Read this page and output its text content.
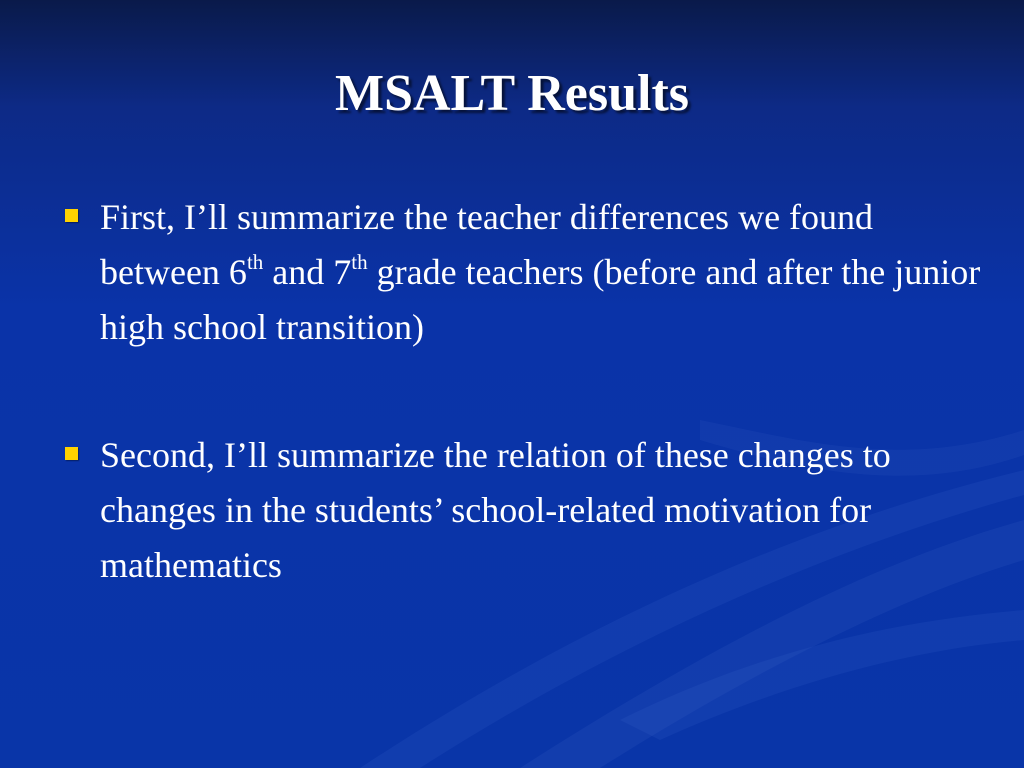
MSALT Results
First, I’ll summarize the teacher differences we found between 6th and 7th grade teachers (before and after the junior high school transition)
Second, I’ll summarize the relation of these changes to changes in the students’ school-related motivation for mathematics
